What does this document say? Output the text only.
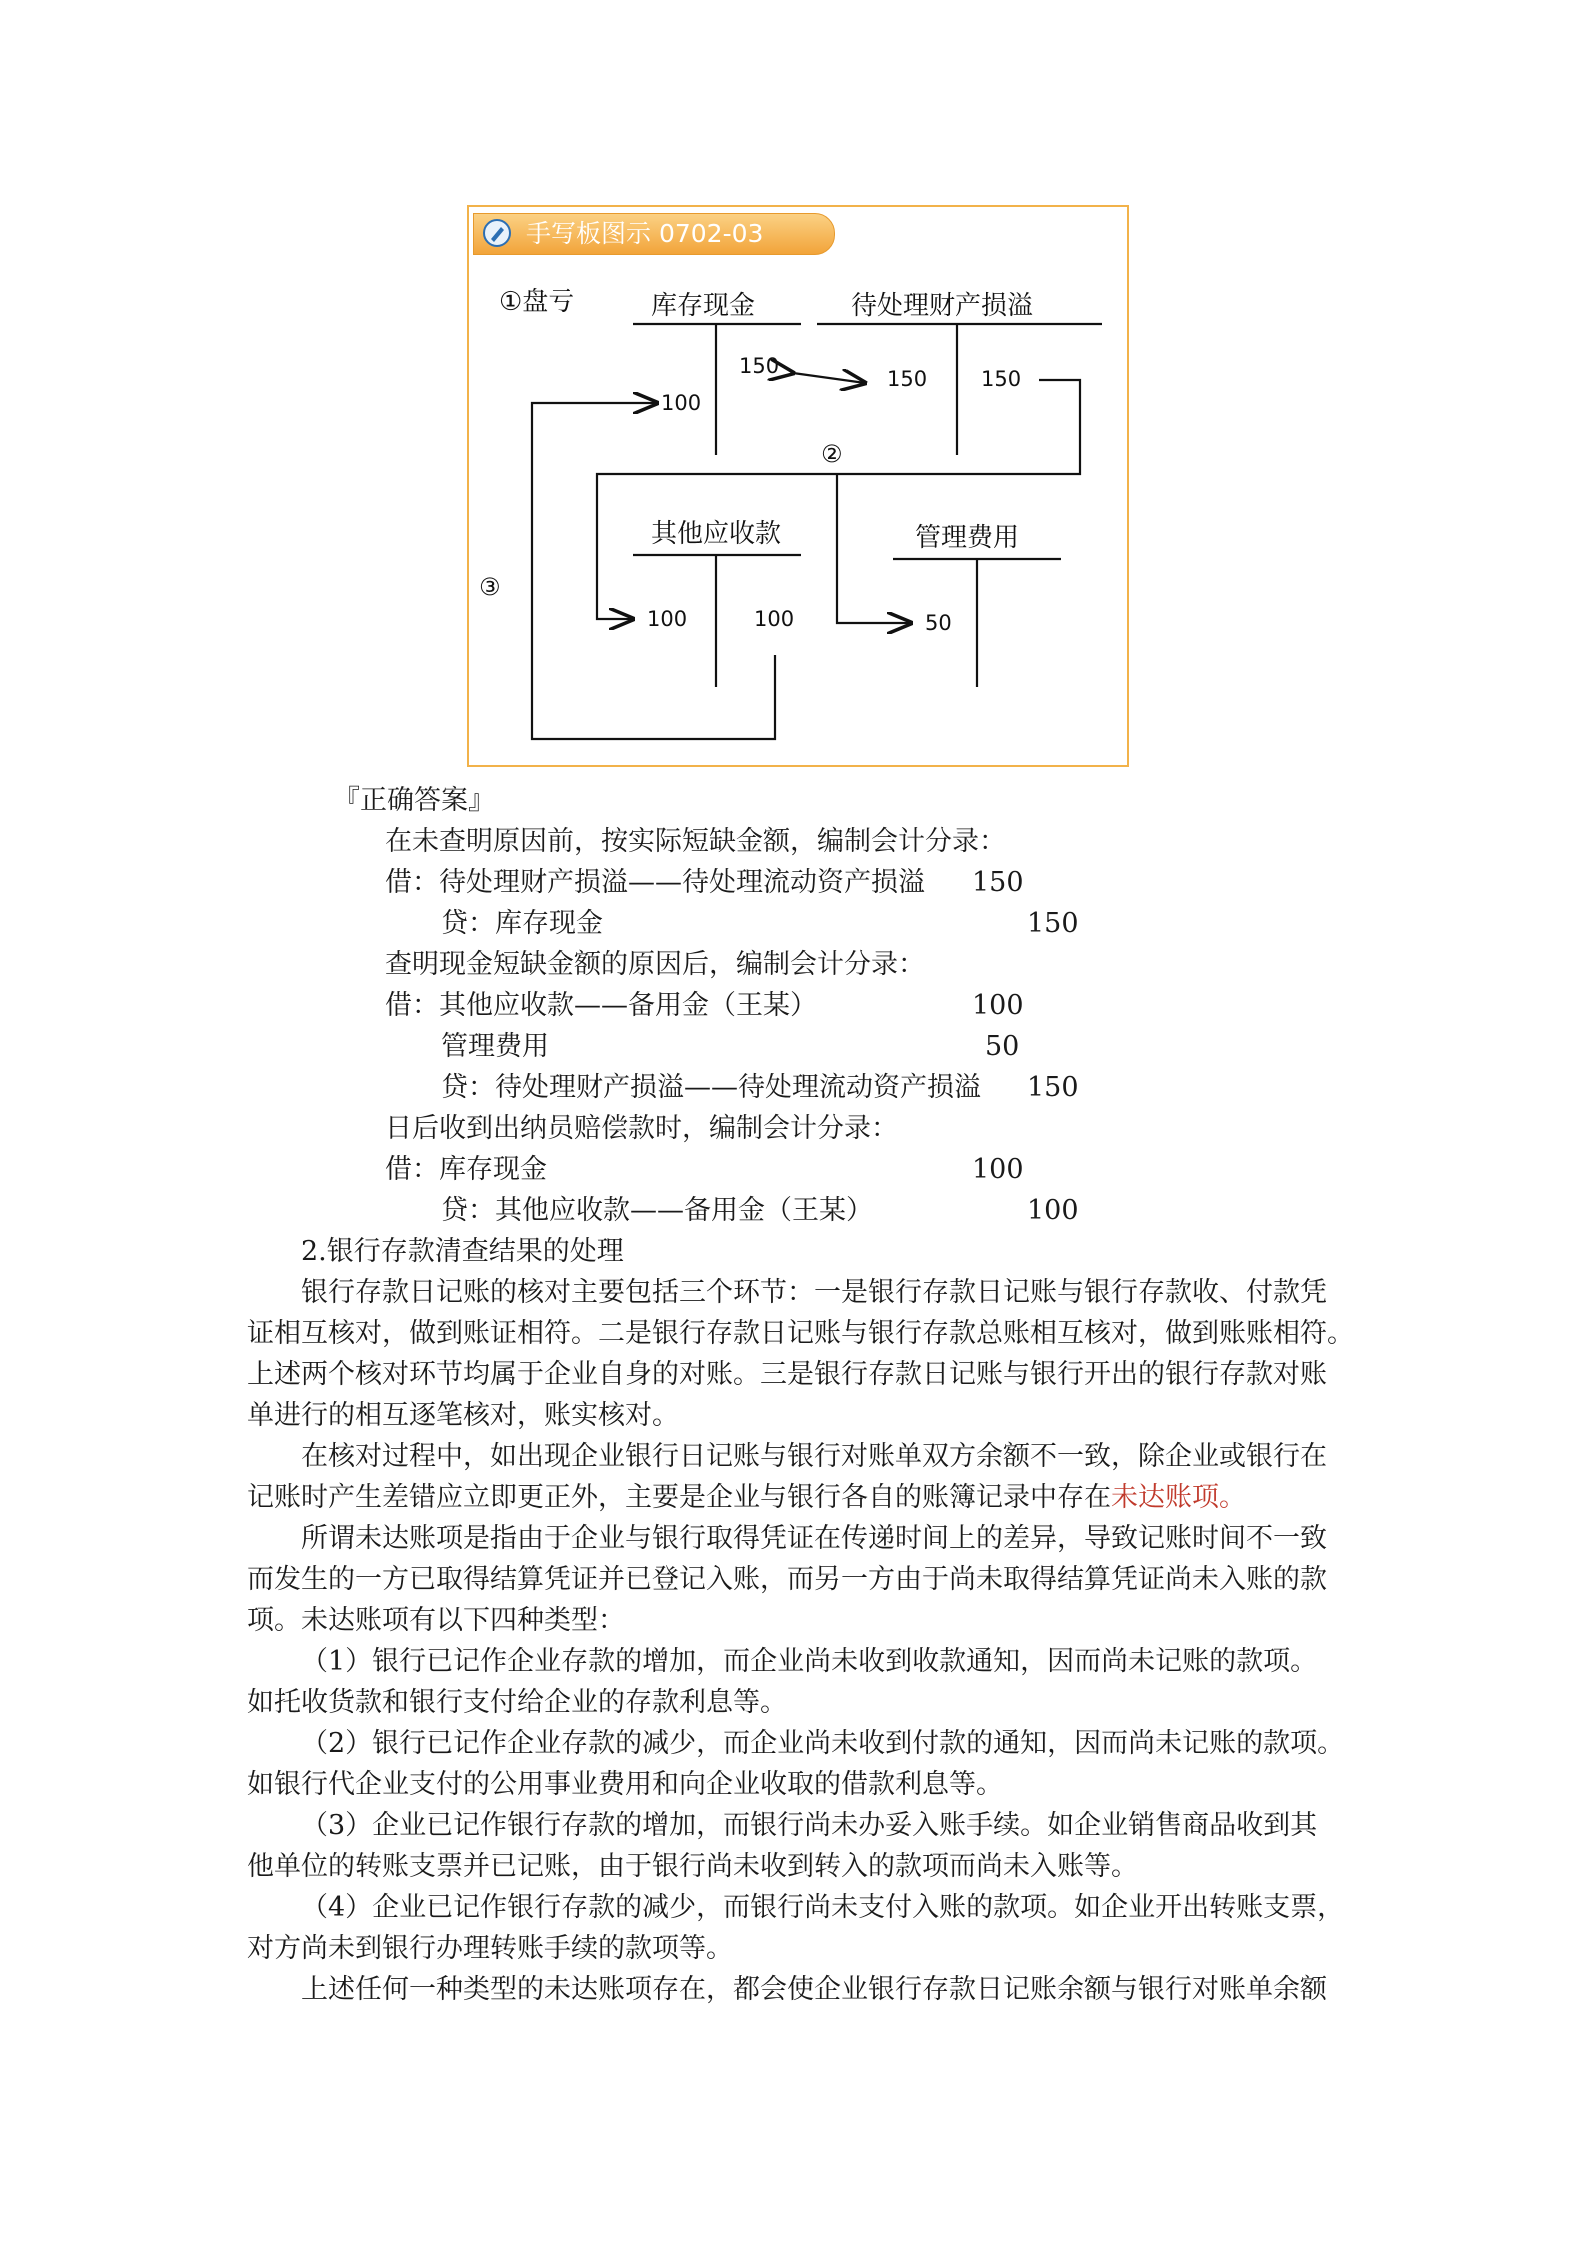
手写板图示 0702-03
①盘亏	库存现金	待处理财产损溢
150
150	150
100
②
其他应收款	管理费用
③
100	100	50
『正确答案』
在未查明原因前，按实际短缺金额，编制会计分录：
借：待处理财产损溢——待处理流动资产损溢 150
贷：库存现金	150
查明现金短缺金额的原因后，编制会计分录：
借：其他应收款——备用金（王某）	100
管理费用	50
贷：待处理财产损溢——待处理流动资产损溢 150
日后收到出纳员赔偿款时，编制会计分录：
借：库存现金	100
贷：其他应收款——备用金（王某）	100
2.银行存款清查结果的处理
银行存款日记账的核对主要包括三个环节：一是银行存款日记账与银行存款收、付款凭
证相互核对，做到账证相符。二是银行存款日记账与银行存款总账相互核对，做到账账相符。
上述两个核对环节均属于企业自身的对账。三是银行存款日记账与银行开出的银行存款对账
单进行的相互逐笔核对，账实核对。
在核对过程中，如出现企业银行日记账与银行对账单双方余额不一致，除企业或银行在
记账时产生差错应立即更正外，主要是企业与银行各自的账簿记录中存在未达账项。
所谓未达账项是指由于企业与银行取得凭证在传递时间上的差异，导致记账时间不一致
而发生的一方已取得结算凭证并已登记入账，而另一方由于尚未取得结算凭证尚未入账的款
项。未达账项有以下四种类型：
（1）银行已记作企业存款的增加，而企业尚未收到收款通知，因而尚未记账的款项。
如托收货款和银行支付给企业的存款利息等。
（2）银行已记作企业存款的减少，而企业尚未收到付款的通知，因而尚未记账的款项。
如银行代企业支付的公用事业费用和向企业收取的借款利息等。
（3）企业已记作银行存款的增加，而银行尚未办妥入账手续。如企业销售商品收到其
他单位的转账支票并已记账，由于银行尚未收到转入的款项而尚未入账等。
（4）企业已记作银行存款的减少，而银行尚未支付入账的款项。如企业开出转账支票，
对方尚未到银行办理转账手续的款项等。
上述任何一种类型的未达账项存在，都会使企业银行存款日记账余额与银行对账单余额
